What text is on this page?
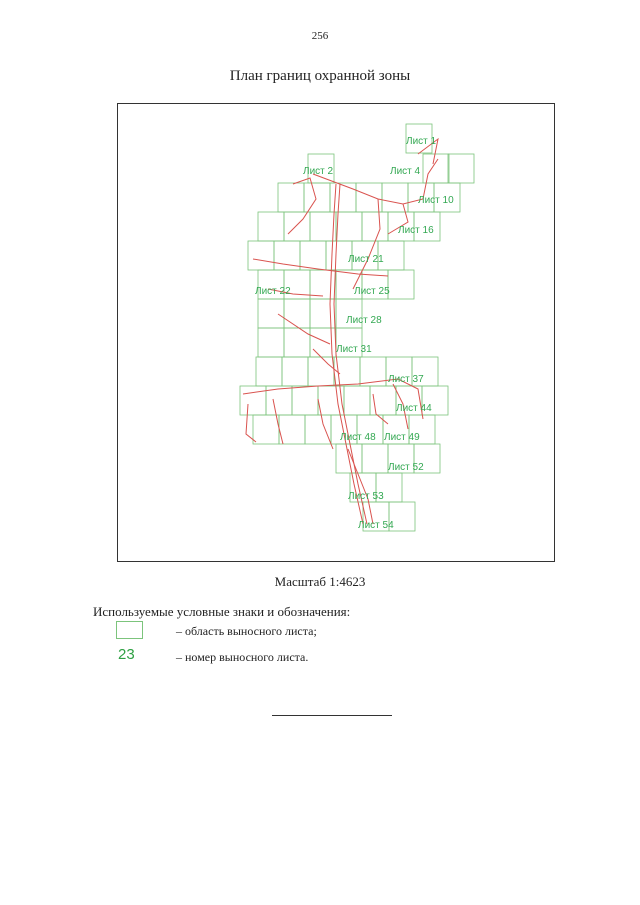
256
План границ охранной зоны
Лист 1
Лист 2	Лист 4
Лист 10
Лист 16
Лист 21
Лист 22	Лист 25
Лист 28
Лист 31
Лист 37
Лист 44
Лист 48 Лист 49
Лист 52
Лист 53
Лист 54
Масштаб 1:4623
Используемые условные знаки и обозначения:
– область выносного листа;
23	– номер выносного листа.
